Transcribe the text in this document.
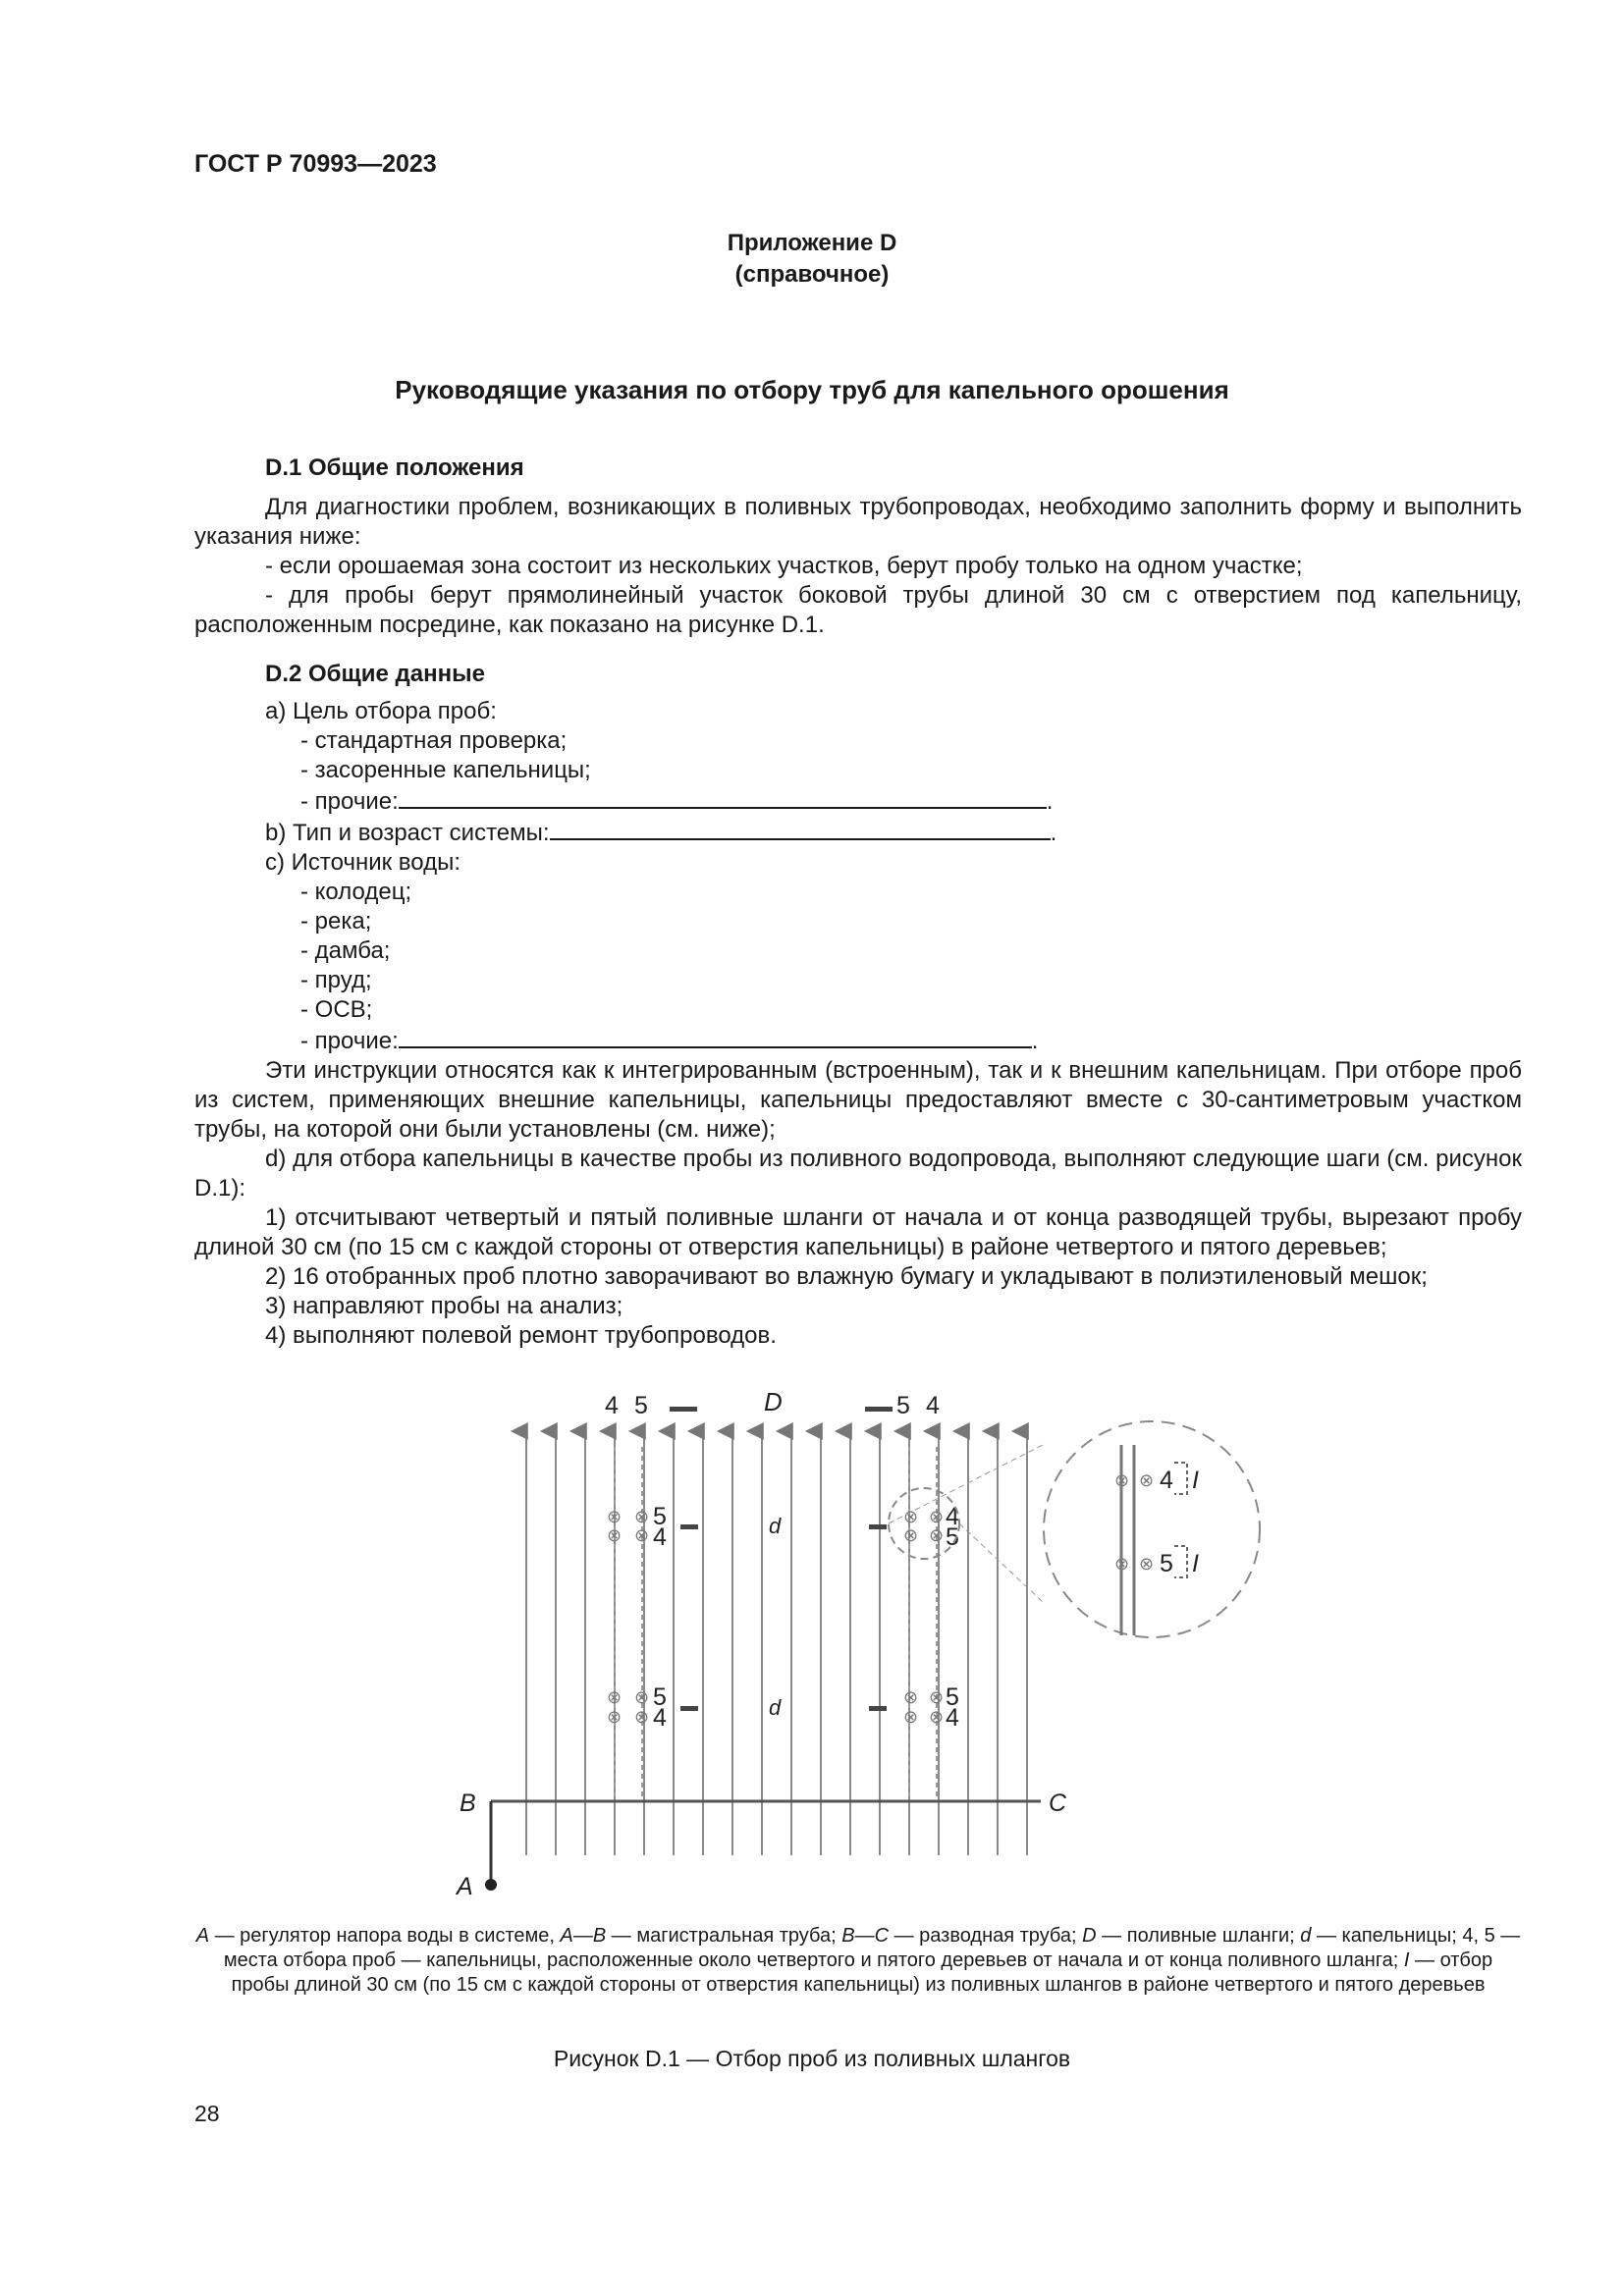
ГОСТ Р 70993—2023
Приложение D
(справочное)
Руководящие указания по отбору труб для капельного орошения

D.1 Общие положения

Для диагностики проблем, возникающих в поливных трубопроводах, необходимо заполнить форму и выполнить указания ниже:

- если орошаемая зона состоит из нескольких участков, берут пробу только на одном участке;

- для пробы берут прямолинейный участок боковой трубы длиной 30 см с отверстием под капельницу, расположенным посредине, как показано на рисунке D.1.

D.2 Общие данные

a) Цель отбора проб:

- стандартная проверка;

- засоренные капельницы;

- прочие:	.

b) Тип и возраст системы:	.

c) Источник воды:

- колодец;

- река;

- дамба;

- пруд;

- ОСВ;

- прочие:	.

Эти инструкции относятся как к интегрированным (встроенным), так и к внешним капельницам. При отборе проб из систем, применяющих внешние капельницы, капельницы предоставляют вместе с 30-сантиметровым участком трубы, на которой они были установлены (см. ниже);

d) для отбора капельницы в качестве пробы из поливного водопровода, выполняют следующие шаги (см. рисунок D.1):

1) отсчитывают четвертый и пятый поливные шланги от начала и от конца разводящей трубы, вырезают пробу длиной 30 см (по 15 см с каждой стороны от отверстия капельницы) в районе четвертого и пятого деревьев;

2) 16 отобранных проб плотно заворачивают во влажную бумагу и укладывают в полиэтиленовый мешок;

3) направляют пробы на анализ;

4) выполняют полевой ремонт трубопроводов.

⊗ ⊗
⊗ ⊗
⊗ ⊗
⊗ ⊗
⊗ ⊗
⊗ ⊗
⊗ ⊗
⊗ ⊗
⊗ ⊗
⊗ ⊗
4 5	D	5 4
5
4
4
5
5
4
5
4
d
d
B	C
A
4
5
I
I
A — регулятор напора воды в системе, A—B — магистральная труба; B—C — разводная труба; D — поливные шланги; d — капельницы; 4, 5 — места отбора проб — капельницы, расположенные около четвертого и пятого деревьев от начала и от конца поливного шланга; I — отбор пробы длиной 30 см (по 15 см с каждой стороны от отверстия капельницы) из поливных шлангов в районе четвертого и пятого деревьев
Рисунок D.1 — Отбор проб из поливных шлангов
28
